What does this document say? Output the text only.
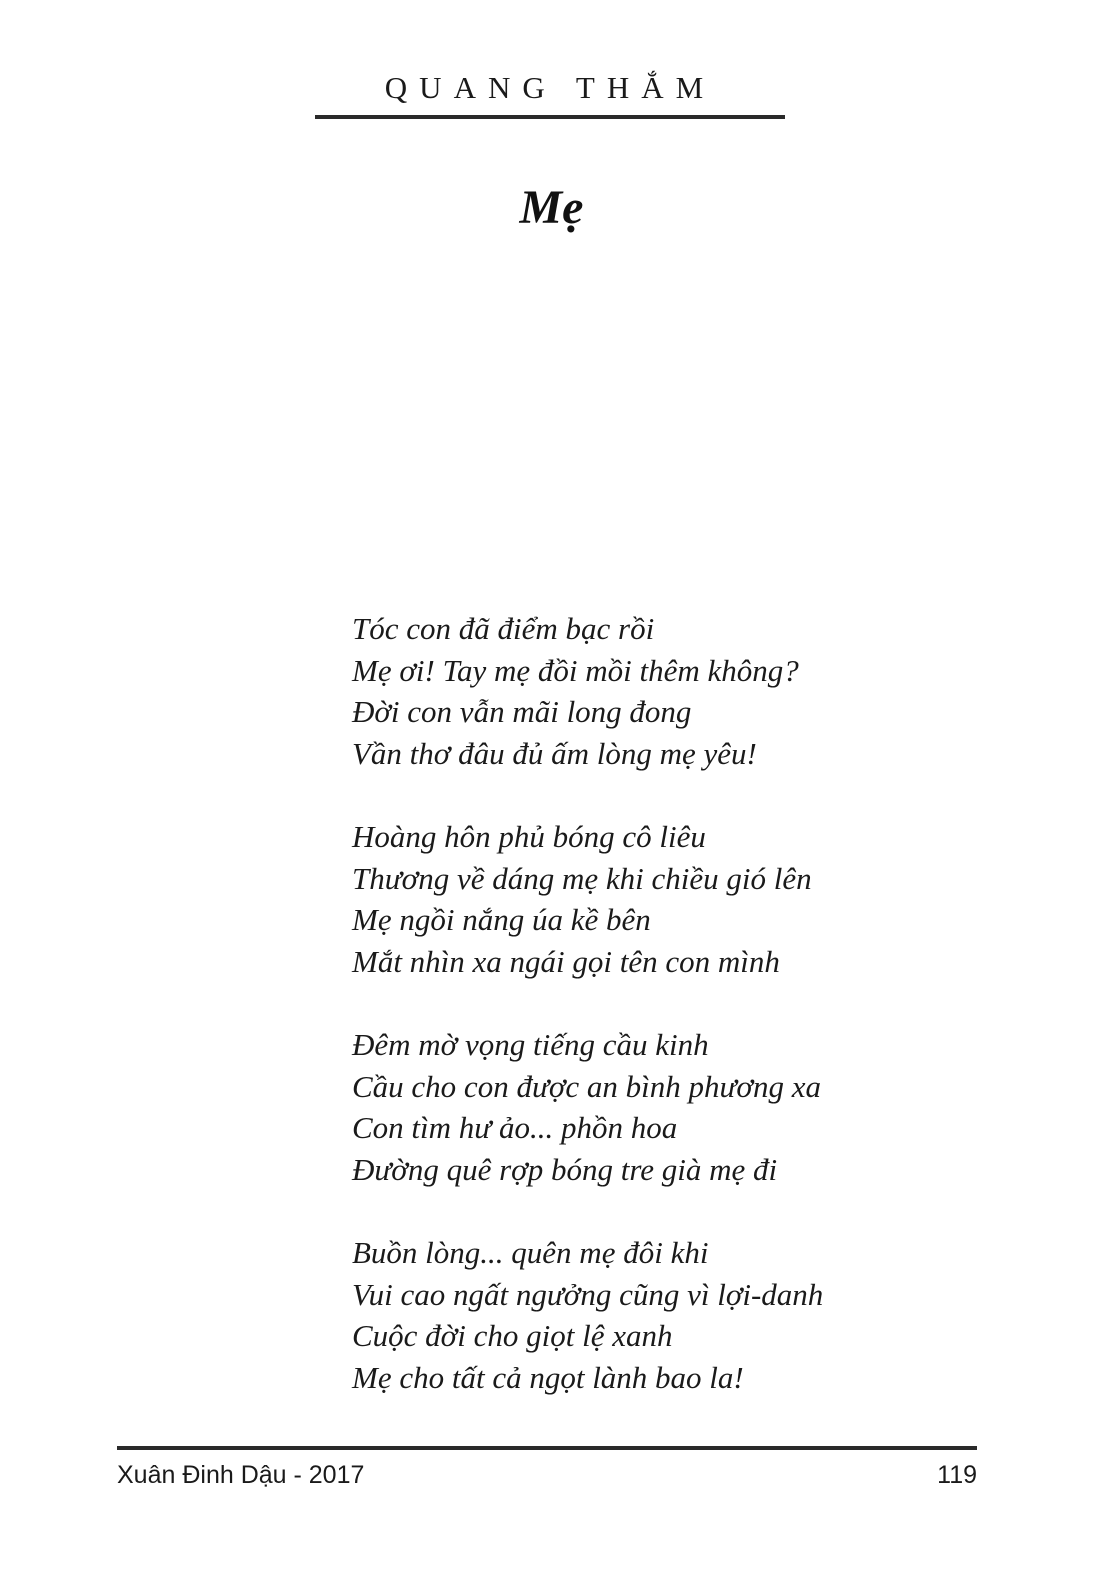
QUANG THẮM
Mẹ
Tóc con đã điểm bạc rồi
Mẹ ơi! Tay mẹ đồi mồi thêm không?
Đời con vẫn mãi long đong
Vần thơ đâu đủ ấm lòng mẹ yêu!
Hoàng hôn phủ bóng cô liêu
Thương về dáng mẹ khi chiều gió lên
Mẹ ngồi nắng úa kề bên
Mắt nhìn xa ngái gọi tên con mình
Đêm mờ vọng tiếng cầu kinh
Cầu cho con được an bình phương xa
Con tìm hư ảo... phồn hoa
Đường quê rợp bóng tre già mẹ đi
Buồn lòng... quên mẹ đôi khi
Vui cao ngất ngưởng cũng vì lợi-danh
Cuộc đời cho giọt lệ xanh
Mẹ cho tất cả ngọt lành bao la!
Xuân Đinh Dậu - 2017	119
